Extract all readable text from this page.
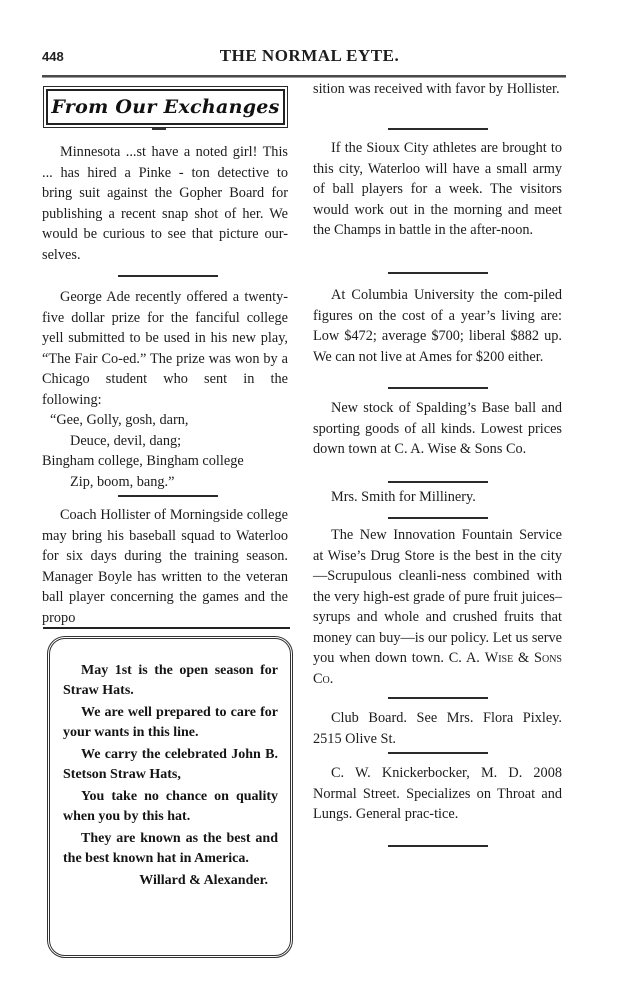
448	THE NORMAL EYTE.
From Our Exchanges

Minnesota ...st have a noted girl! This ... has hired a Pinke - ton detective to bring suit against the Gopher Board for publishing a recent snap shot of her. We would be curious to see that picture our-selves.

George Ade recently offered a twenty-five dollar prize for the fanciful college yell submitted to be used in his new play, “The Fair Co-ed.” The prize was won by a Chicago student who sent in the following:

“Gee, Golly, gosh, darn,
Deuce, devil, dang;
Bingham college, Bingham college
Zip, boom, bang.”

Coach Hollister of Morningside college may bring his baseball squad to Waterloo for six days during the training season. Manager Boyle has written to the veteran ball player concerning the games and the propo

May 1st is the open season for Straw Hats.

We are well prepared to care for your wants in this line.

We carry the celebrated John B. Stetson Straw Hats,

You take no chance on quality when you by this hat.

They are known as the best and the best known hat in America.

Willard & Alexander.

sition was received with favor by Hollister.

If the Sioux City athletes are brought to this city, Waterloo will have a small army of ball players for a week. The visitors would work out in the morning and meet the Champs in battle in the after-noon.

At Columbia University the com-piled figures on the cost of a year’s living are: Low $472; average $700; liberal $882 up. We can not live at Ames for $200 either.

New stock of Spalding’s Base ball and sporting goods of all kinds. Lowest prices down town at C. A. Wise & Sons Co.

Mrs. Smith for Millinery.

The New Innovation Fountain Service at Wise’s Drug Store is the best in the city—Scrupulous cleanli-ness combined with the very high-est grade of pure fruit juices–syrups and whole and crushed fruits that money can buy—is our policy. Let us serve you when down town. C. A. Wise & Sons Co.

Club Board. See Mrs. Flora Pixley. 2515 Olive St.

C. W. Knickerbocker, M. D. 2008 Normal Street. Specializes on Throat and Lungs. General prac-tice.
